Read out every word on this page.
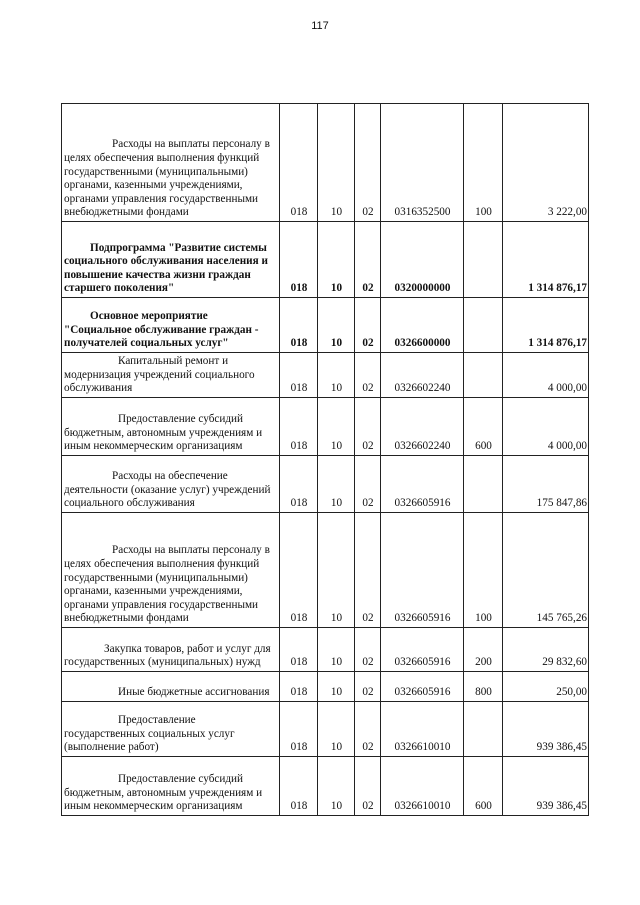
117
Расходы на выплаты персоналу в целях обеспечения выполнения функций государственными (муниципальными) органами, казенными учреждениями, органами управления государственными внебюджетными фондами	018	10	02	0316352500	100	3 222,00
Подпрограмма "Развитие системы социального обслуживания населения и повышение качества жизни граждан старшего поколения"	018	10	02	0320000000		1 314 876,17
Основное мероприятие "Социальное обслуживание граждан - получателей социальных услуг"	018	10	02	0326600000		1 314 876,17
Капитальный ремонт и модернизация учреждений социального обслуживания	018	10	02	0326602240		4 000,00
Предоставление субсидий бюджетным, автономным учреждениям и иным некоммерческим организациям	018	10	02	0326602240	600	4 000,00
Расходы на обеспечение деятельности (оказание услуг) учреждений социального обслуживания	018	10	02	0326605916		175 847,86
Расходы на выплаты персоналу в целях обеспечения выполнения функций государственными (муниципальными) органами, казенными учреждениями, органами управления государственными внебюджетными фондами	018	10	02	0326605916	100	145 765,26
Закупка товаров, работ и услуг для государственных (муниципальных) нужд	018	10	02	0326605916	200	29 832,60
Иные бюджетные ассигнования	018	10	02	0326605916	800	250,00
Предоставление государственных социальных услуг (выполнение работ)	018	10	02	0326610010		939 386,45
Предоставление субсидий бюджетным, автономным учреждениям и иным некоммерческим организациям	018	10	02	0326610010	600	939 386,45
